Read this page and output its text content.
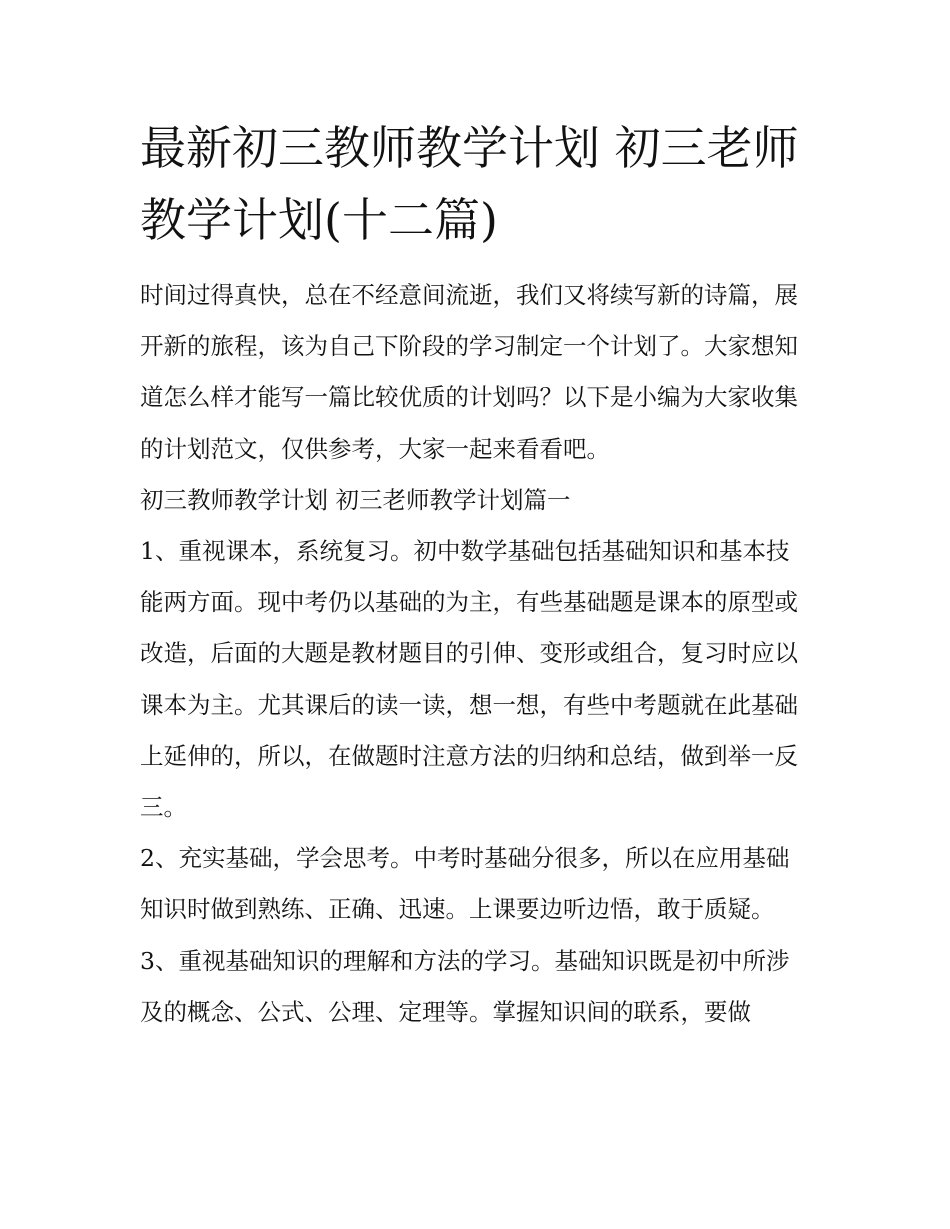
最新初三教师教学计划 初三老师教学计划(十二篇)

时间过得真快，总在不经意间流逝，我们又将续写新的诗篇，展开新的旅程，该为自己下阶段的学习制定一个计划了。大家想知道怎么样才能写一篇比较优质的计划吗？以下是小编为大家收集的计划范文，仅供参考，大家一起来看看吧。

初三教师教学计划 初三老师教学计划篇一

1、重视课本，系统复习。初中数学基础包括基础知识和基本技能两方面。现中考仍以基础的为主，有些基础题是课本的原型或改造，后面的大题是教材题目的引伸、变形或组合，复习时应以课本为主。尤其课后的读一读，想一想，有些中考题就在此基础上延伸的，所以，在做题时注意方法的归纳和总结，做到举一反三。

2、充实基础，学会思考。中考时基础分很多，所以在应用基础知识时做到熟练、正确、迅速。上课要边听边悟，敢于质疑。

3、重视基础知识的理解和方法的学习。基础知识既是初中所涉及的概念、公式、公理、定理等。掌握知识间的联系，要做
